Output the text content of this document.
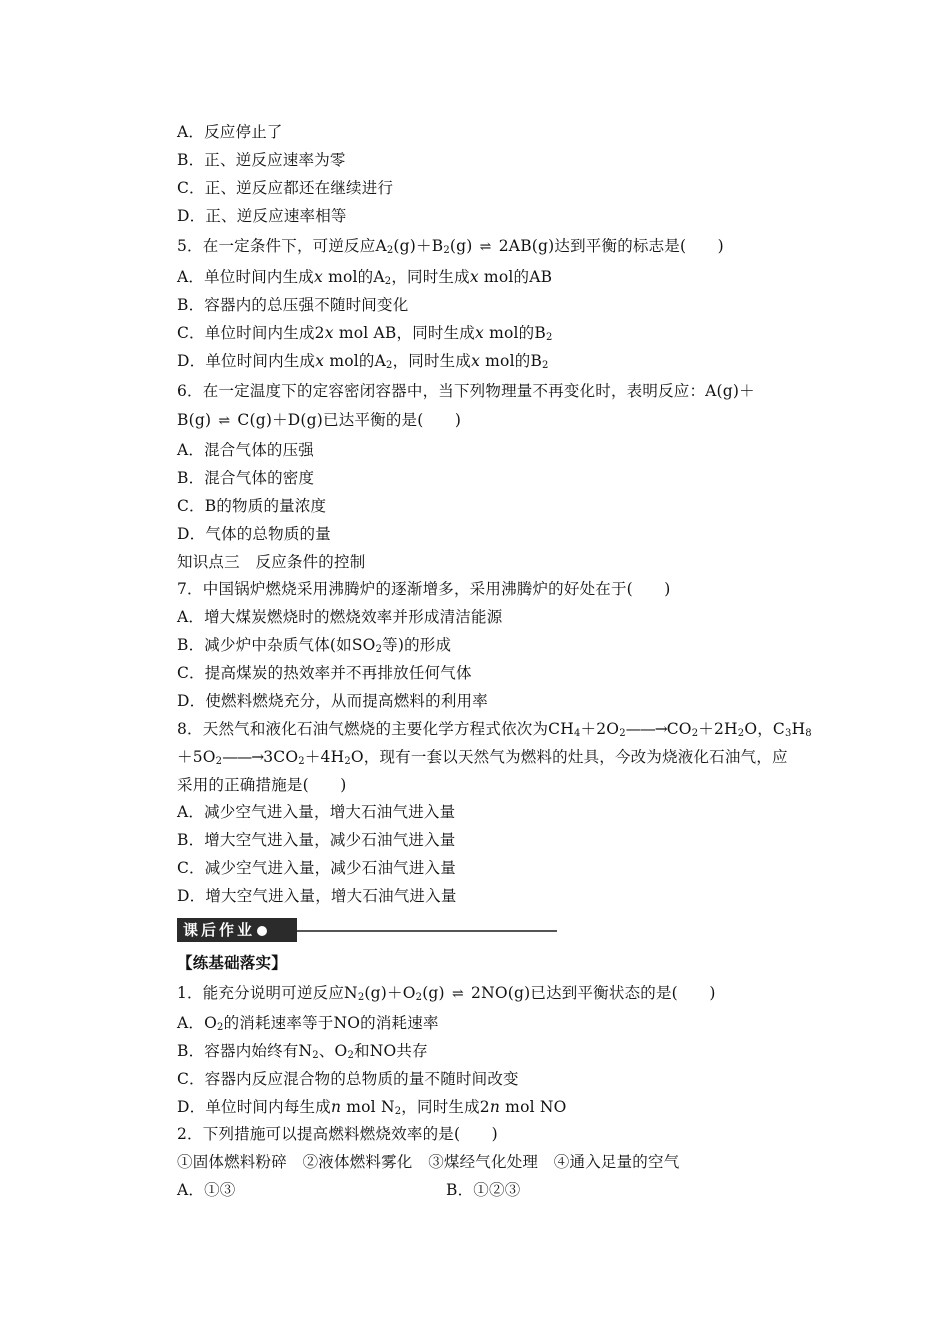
A．反应停止了
B．正、逆反应速率为零
C．正、逆反应都还在继续进行
D．正、逆反应速率相等
5．在一定条件下，可逆反应$A_2(g)+B_2(g)$ ⇌ 2AB(g)达到平衡的标志是(　　)
A．单位时间内生成x mol的$A_2$，同时生成x mol的AB
B．容器内的总压强不随时间变化
C．单位时间内生成2x mol AB，同时生成x mol的$B_2$
D．单位时间内生成x mol的$A_2$，同时生成x mol的$B_2$
6．在一定温度下的定容密闭容器中，当下列物理量不再变化时，表明反应：A(g)＋
B(g) ⇌ C(g)＋D(g)已达平衡的是(　　)
A．混合气体的压强
B．混合气体的密度
C．B的物质的量浓度
D．气体的总物质的量
知识点三　反应条件的控制
7．中国锅炉燃烧采用沸腾炉的逐渐增多，采用沸腾炉的好处在于(　　)
A．增大煤炭燃烧时的燃烧效率并形成清洁能源
B．减少炉中杂质气体(如$SO_2$等)的形成
C．提高煤炭的热效率并不再排放任何气体
D．使燃料燃烧充分，从而提高燃料的利用率
8．天然气和液化石油气燃烧的主要化学方程式依次为$CH_4+2O_2——\to CO_2+2H_2O$，$C_3H_8$
$+5O_2——\to 3CO_2+4H_2O$，现有一套以天然气为燃料的灶具，今改为烧液化石油气，应
采用的正确措施是(　　)
A．减少空气进入量，增大石油气进入量
B．增大空气进入量，减少石油气进入量
C．减少空气进入量，减少石油气进入量
D．增大空气进入量，增大石油气进入量
课后作业
【练基础落实】
1．能充分说明可逆反应$N_2(g)+O_2(g)$ ⇌ 2NO(g)已达到平衡状态的是(　　)
A．$O_2$的消耗速率等于NO的消耗速率
B．容器内始终有$N_2$、$O_2$和NO共存
C．容器内反应混合物的总物质的量不随时间改变
D．单位时间内每生成n mol $N_2$，同时生成2n mol NO
2．下列措施可以提高燃料燃烧效率的是(　　)
①固体燃料粉碎　②液体燃料雾化　③煤经气化处理　④通入足量的空气
A．①③	B．①②③
